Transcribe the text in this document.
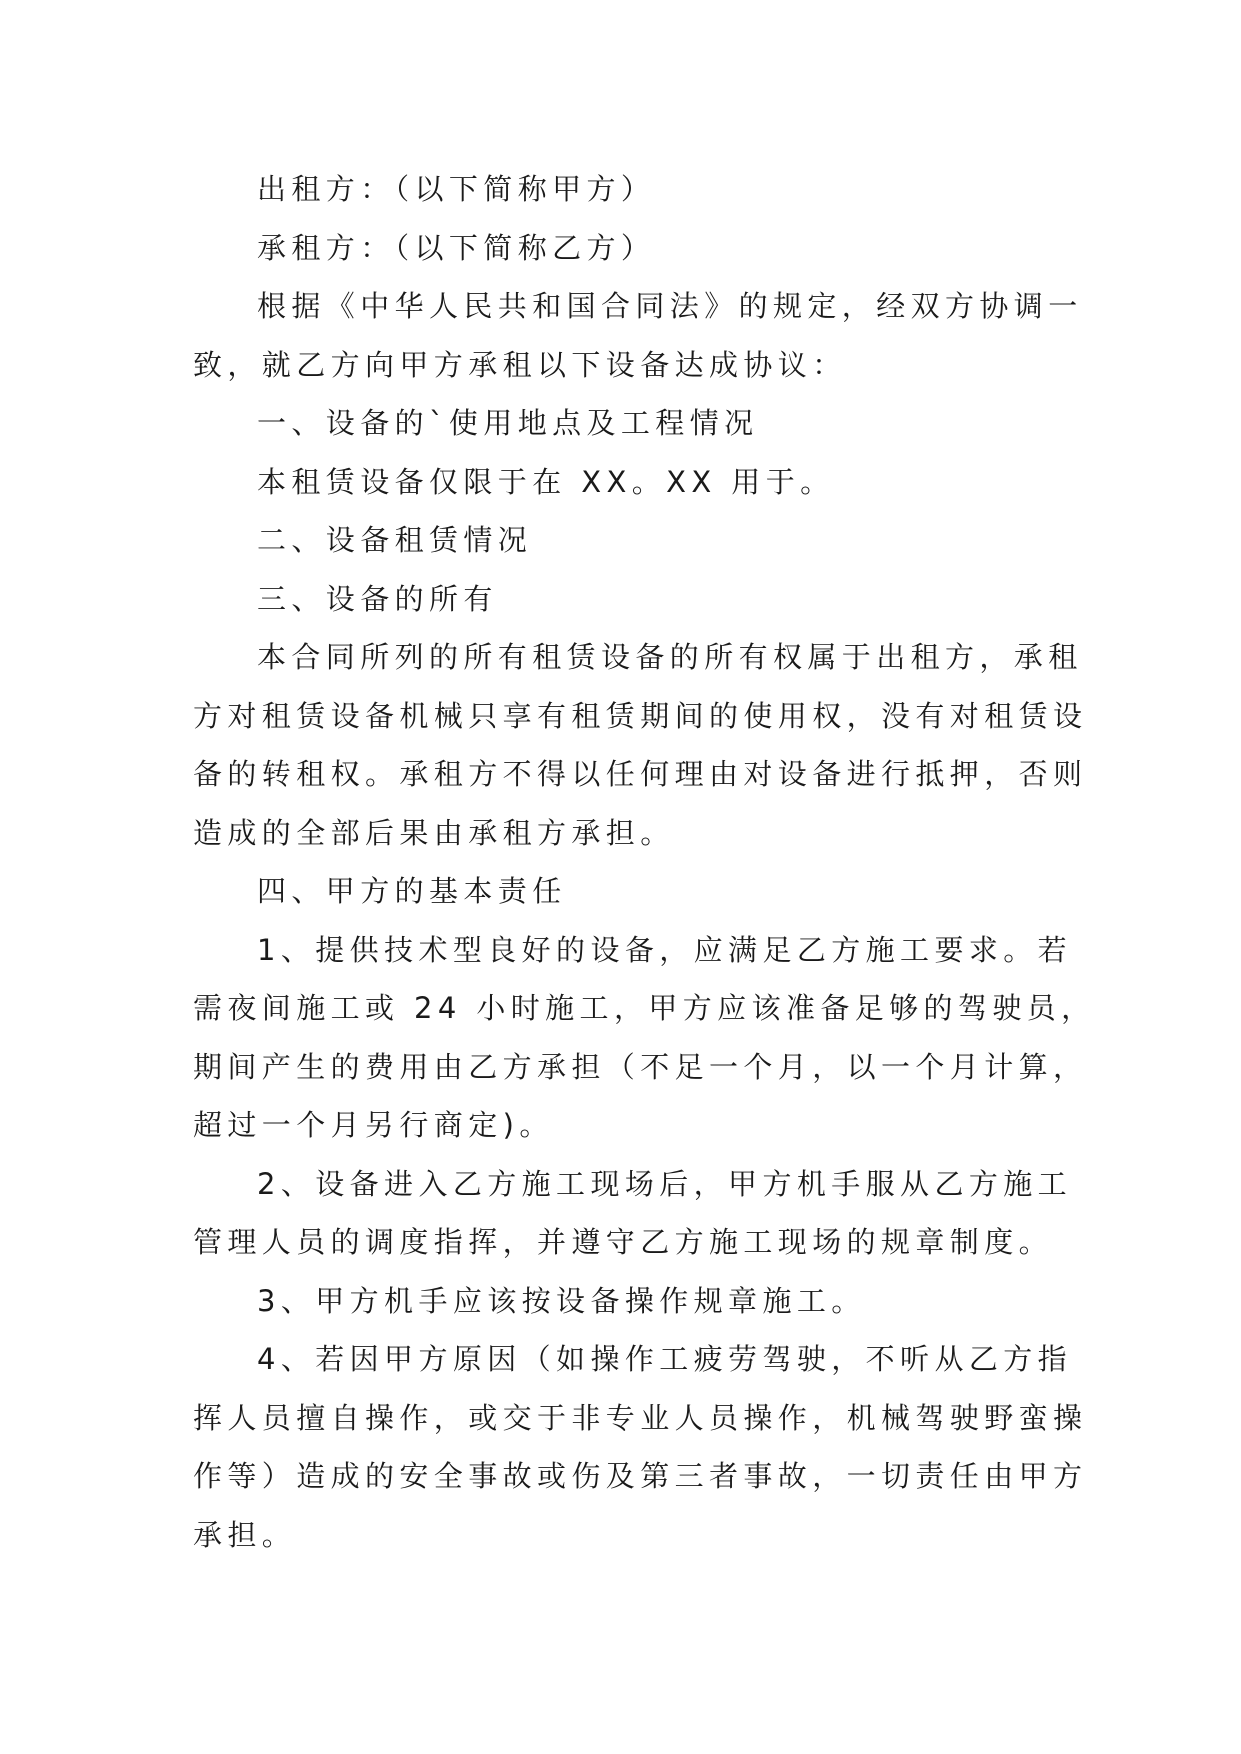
出租方：（以下简称甲方）
承租方：（以下简称乙方）
根据《中华人民共和国合同法》的规定，经双方协调一
致，就乙方向甲方承租以下设备达成协议：
一、设备的`使用地点及工程情况
本租赁设备仅限于在 XX。XX 用于。
二、设备租赁情况
三、设备的所有
本合同所列的所有租赁设备的所有权属于出租方，承租
方对租赁设备机械只享有租赁期间的使用权，没有对租赁设
备的转租权。承租方不得以任何理由对设备进行抵押，否则
造成的全部后果由承租方承担。
四、甲方的基本责任
1、提供技术型良好的设备，应满足乙方施工要求。若
需夜间施工或 24 小时施工，甲方应该准备足够的驾驶员，
期间产生的费用由乙方承担（不足一个月，以一个月计算，
超过一个月另行商定)。
2、设备进入乙方施工现场后，甲方机手服从乙方施工
管理人员的调度指挥，并遵守乙方施工现场的规章制度。
3、甲方机手应该按设备操作规章施工。
4、若因甲方原因（如操作工疲劳驾驶，不听从乙方指
挥人员擅自操作，或交于非专业人员操作，机械驾驶野蛮操
作等）造成的安全事故或伤及第三者事故，一切责任由甲方
承担。
